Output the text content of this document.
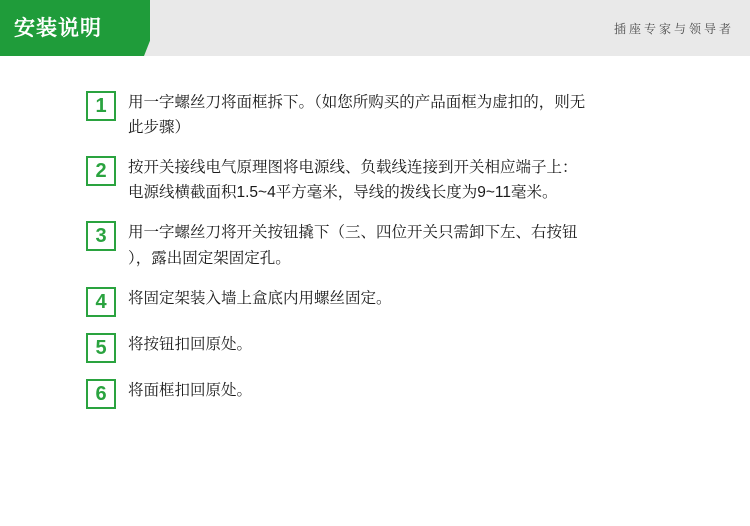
安装说明	插座专家与领导者
1	用一字螺丝刀将面框拆下。（如您所购买的产品面框为虚扣的，则无
此步骤）
2	按开关接线电气原理图将电源线、负载线连接到开关相应端子上：
电源线横截面积1.5~4平方毫米，导线的拨线长度为9~11毫米。
3	用一字螺丝刀将开关按钮撬下（三、四位开关只需卸下左、右按钮
），露出固定架固定孔。
4	将固定架装入墙上盒底内用螺丝固定。
5	将按钮扣回原处。
6	将面框扣回原处。
